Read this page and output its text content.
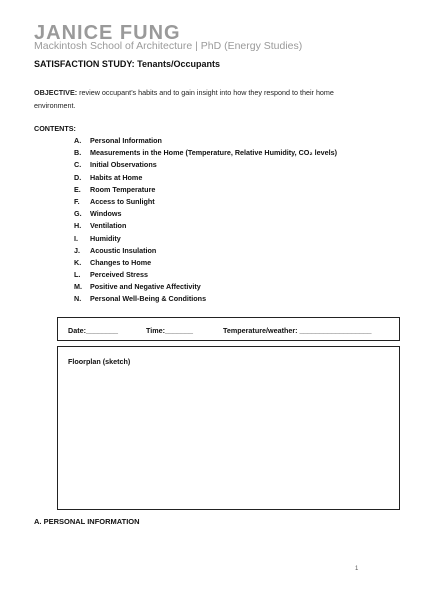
JANICE FUNG
Mackintosh School of Architecture | PhD (Energy Studies)
SATISFACTION STUDY: Tenants/Occupants
OBJECTIVE: review occupant’s habits and to gain insight into how they respond to their home environment.
CONTENTS:
A.	Personal Information
B.	Measurements in the Home (Temperature, Relative Humidity, CO₂ levels)
C.	Initial Observations
D.	Habits at Home
E.	Room Temperature
F.	Access to Sunlight
G.	Windows
H.	Ventilation
I.	Humidity
J.	Acoustic Insulation
K.	Changes to Home
L.	Perceived Stress
M.	Positive and Negative Affectivity
N.	Personal Well-Being & Conditions
Date:________	Time:_______	Temperature/weather: __________________
Floorplan (sketch)
A. PERSONAL INFORMATION
1
